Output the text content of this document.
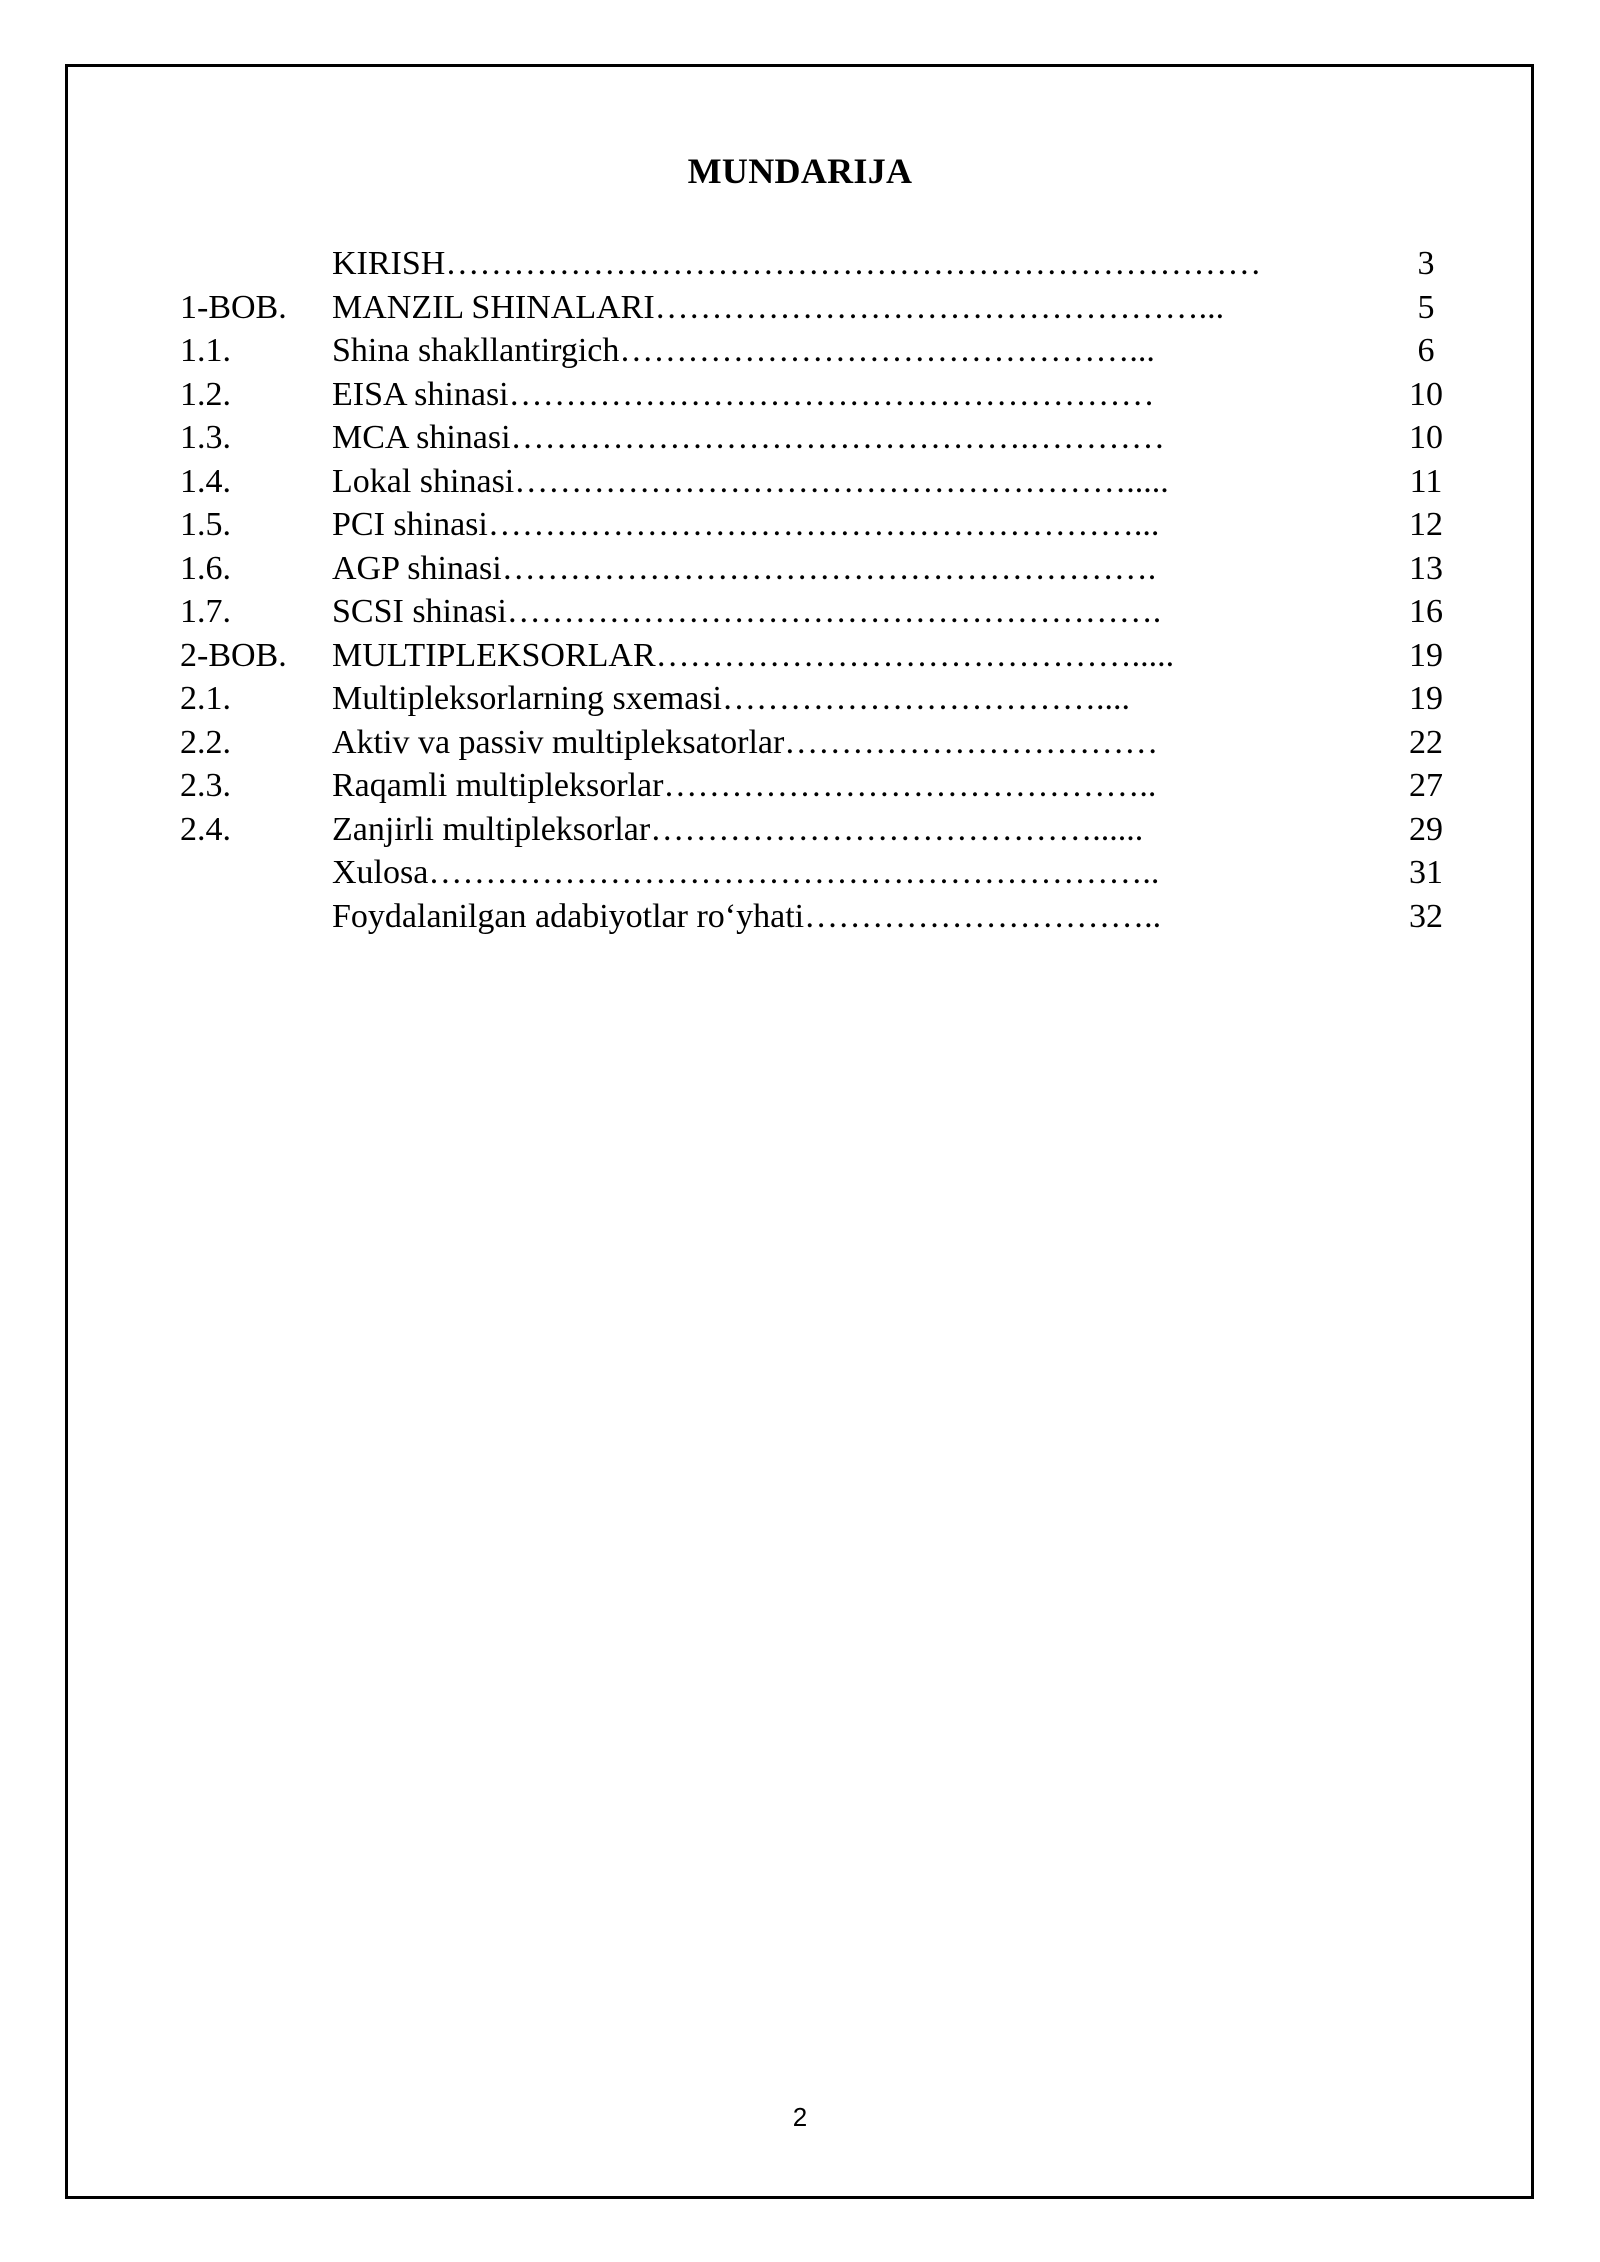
MUNDARIJA
KIRISH………………………………………………………………	3
1-BOB. MANZIL SHINALARI…………………………………………...	5
1.1.	Shina shakllantirgich………………………………………...	6
1.2.	EISA shinasi…………………………………………………	10
1.3.	MCA shinasi……………………………………….…………	10
1.4.	Lokal shinasi……………………………………………….....	11
1.5.	PCI shinasi…………………………………………………...	12
1.6.	AGP shinasi………………………………………………….	13
1.7.	SCSI shinasi………………………………………………….	16
2-BOB. MULTIPLEKSORLAR…………………………………….....	19
2.1.	Multipleksorlarning sxemasi……………………………....	19
2.2.	Aktiv va passiv multipleksatorlar……………………………	22
2.3.	Raqamli multipleksorlar……………………………………..	27
2.4.	Zanjirli multipleksorlar…………………………………......	29
Xulosa………………………………………………………..	31
Foydalanilgan adabiyotlar ro‘yhati…………………………..	32
2
